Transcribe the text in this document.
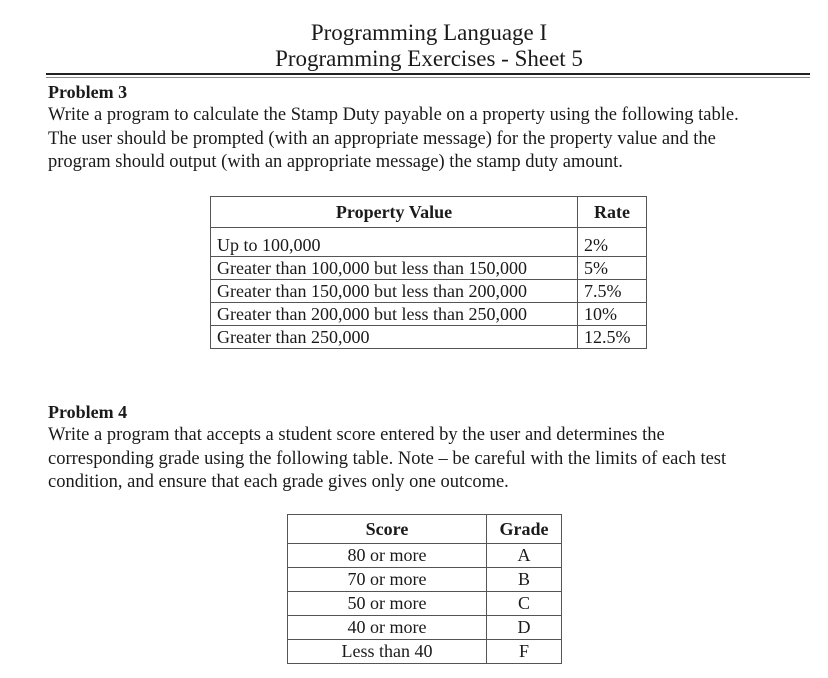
Programming Language I
Programming Exercises - Sheet 5
Problem 3
Write a program to calculate the Stamp Duty payable on a property using the following table.
The user should be prompted (with an appropriate message) for the property value and the
program should output (with an appropriate message) the stamp duty amount.
Property Value	Rate
Up to 100,000	2%
Greater than 100,000 but less than 150,000	5%
Greater than 150,000 but less than 200,000	7.5%
Greater than 200,000 but less than 250,000	10%
Greater than 250,000	12.5%
Problem 4
Write a program that accepts a student score entered by the user and determines the
corresponding grade using the following table. Note – be careful with the limits of each test
condition, and ensure that each grade gives only one outcome.
Score	Grade
80 or more	A
70 or more	B
50 or more	C
40 or more	D
Less than 40	F
